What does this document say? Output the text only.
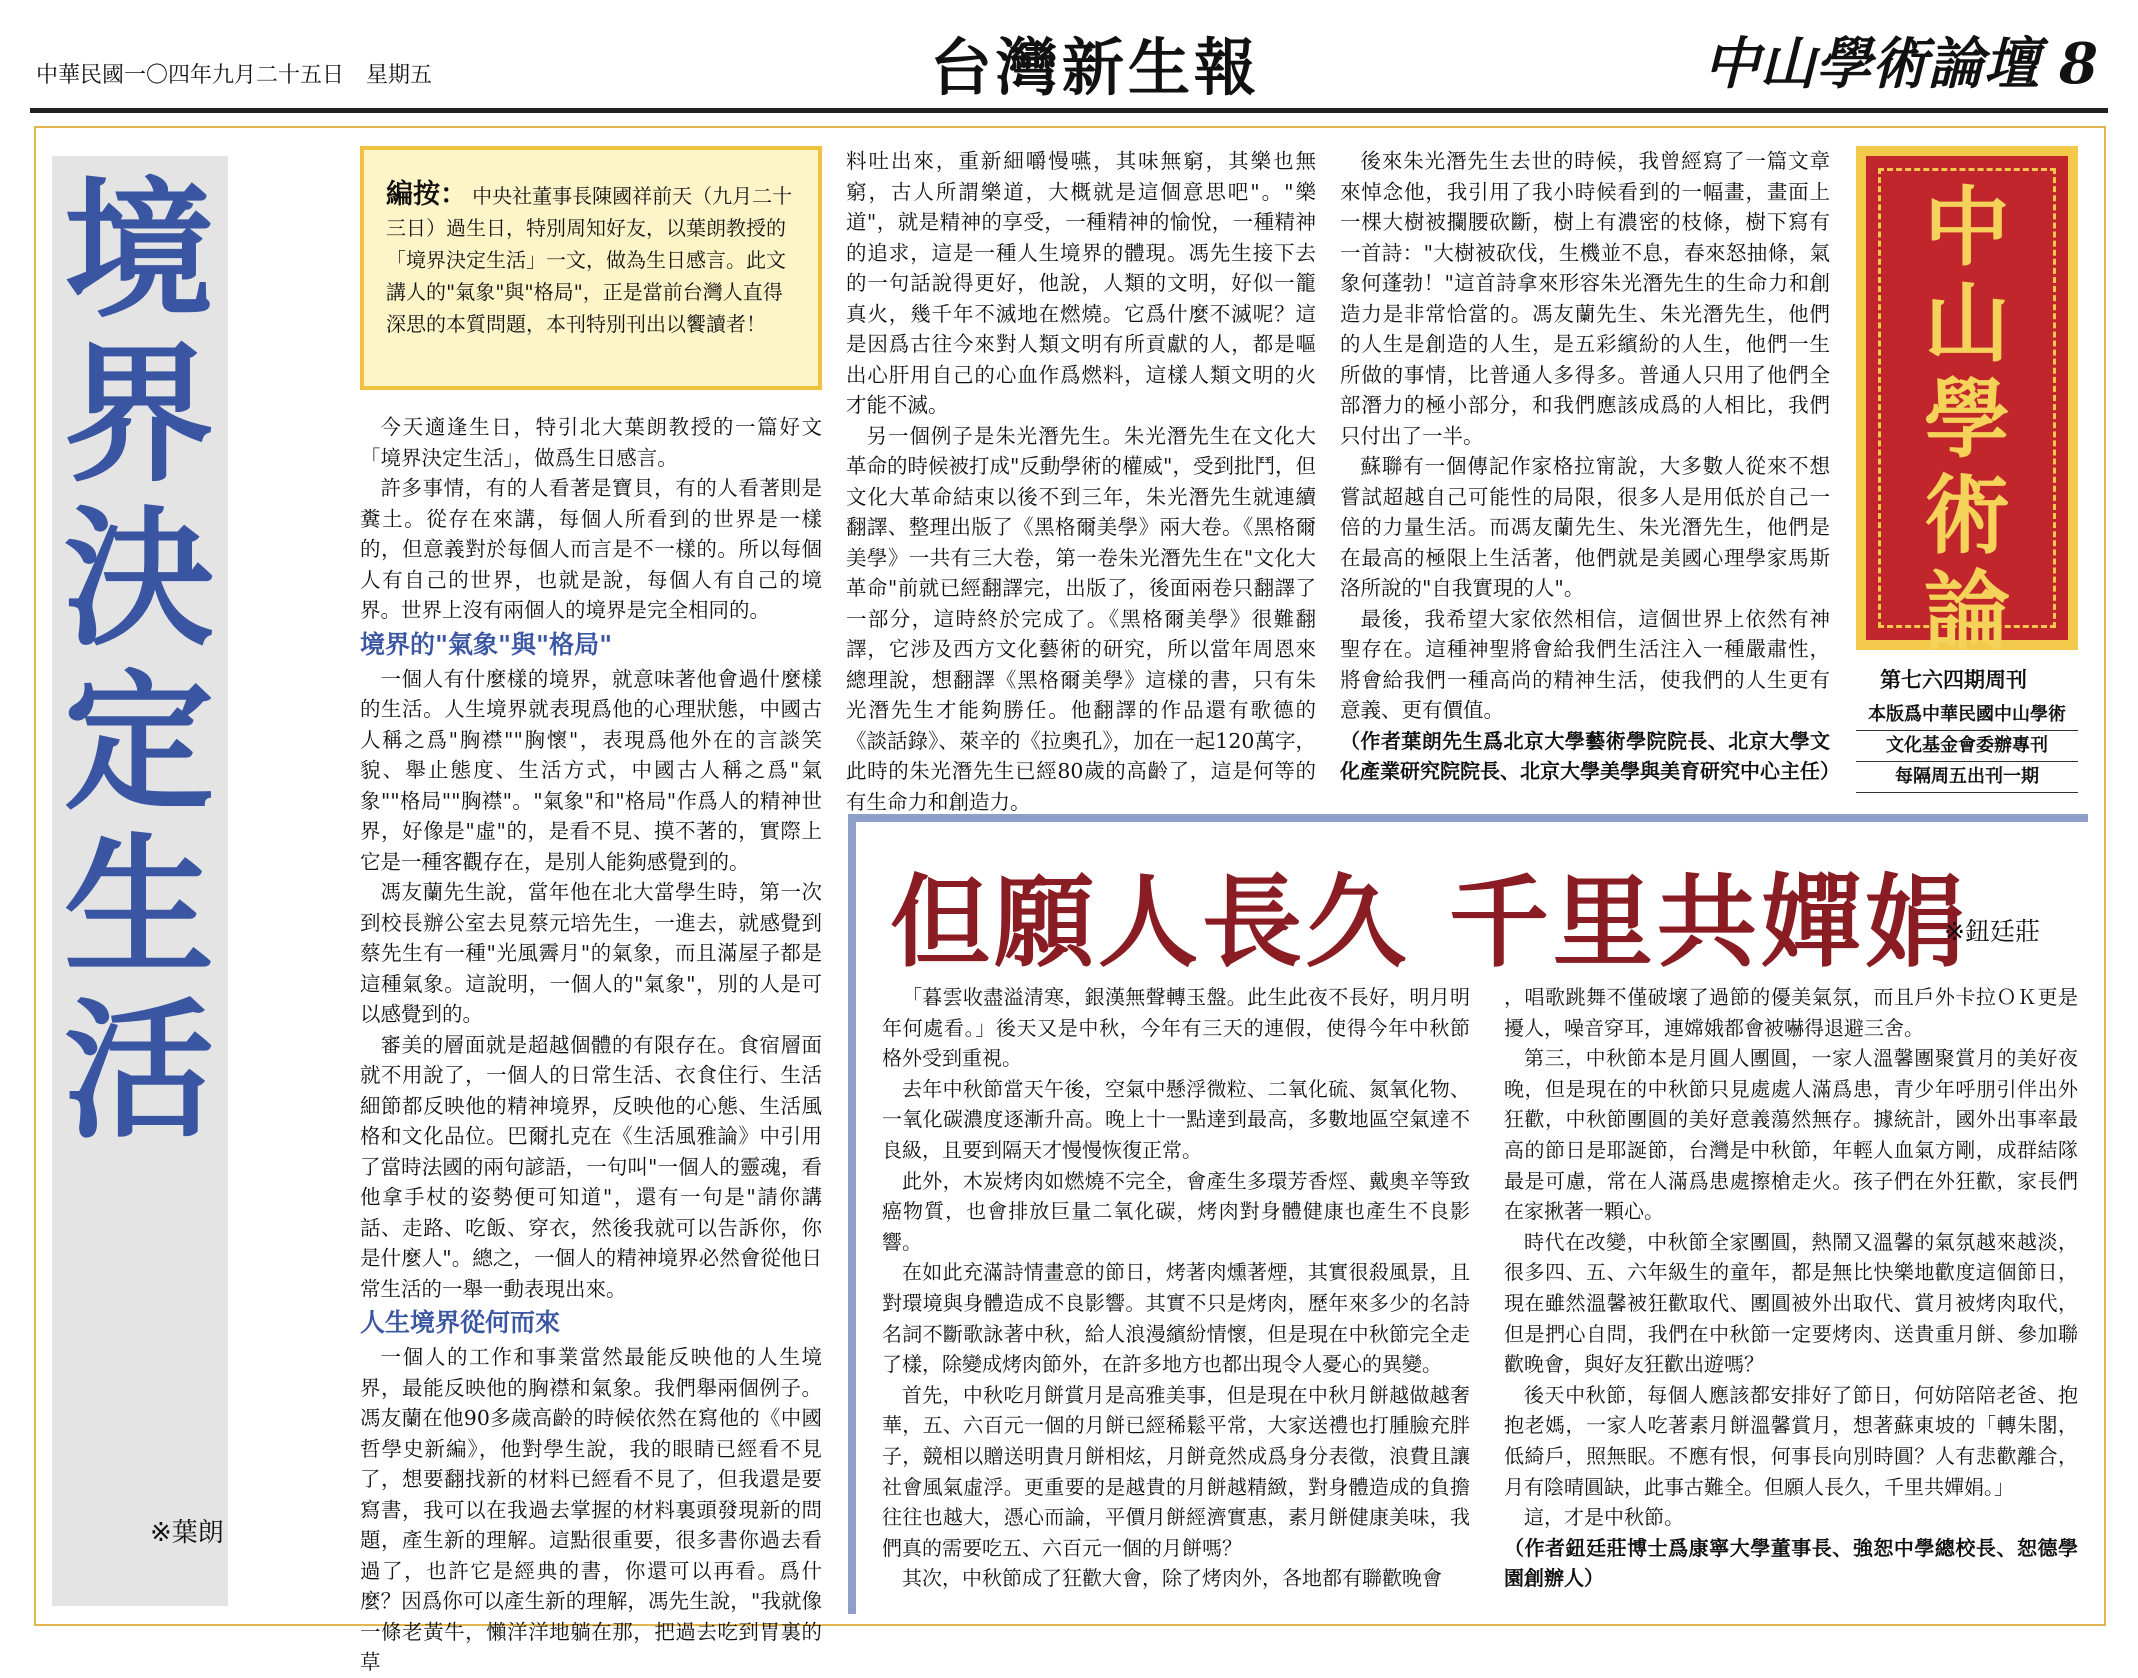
中華民國一〇四年九月二十五日　星期五	台灣新生報	中山學術論壇 8
境
界
決
定
生
活
※葉朗
編按： 中央社董事長陳國祥前天（九月二十三日）過生日，特別周知好友，以葉朗教授的「境界決定生活」一文，做為生日感言。此文講人的"氣象"與"格局"，正是當前台灣人直得深思的本質問題，本刊特別刊出以饗讀者！

今天適逢生日，特引北大葉朗教授的一篇好文「境界決定生活」，做爲生日感言。

許多事情，有的人看著是寶貝，有的人看著則是糞土。從存在來講，每個人所看到的世界是一樣的，但意義對於每個人而言是不一樣的。所以每個人有自己的世界，也就是說，每個人有自己的境界。世界上沒有兩個人的境界是完全相同的。

境界的"氣象"與"格局"

一個人有什麼樣的境界，就意味著他會過什麼樣的生活。人生境界就表現爲他的心理狀態，中國古人稱之爲"胸襟""胸懷"，表現爲他外在的言談笑貌、舉止態度、生活方式，中國古人稱之爲"氣象""格局""胸襟"。"氣象"和"格局"作爲人的精神世界，好像是"虛"的，是看不見、摸不著的，實際上它是一種客觀存在，是別人能夠感覺到的。

馮友蘭先生說，當年他在北大當學生時，第一次到校長辦公室去見蔡元培先生，一進去，就感覺到蔡先生有一種"光風霽月"的氣象，而且滿屋子都是這種氣象。這說明，一個人的"氣象"，別的人是可以感覺到的。

審美的層面就是超越個體的有限存在。食宿層面就不用說了，一個人的日常生活、衣食住行、生活細節都反映他的精神境界，反映他的心態、生活風格和文化品位。巴爾扎克在《生活風雅論》中引用了當時法國的兩句諺語，一句叫"一個人的靈魂，看他拿手杖的姿勢便可知道"，還有一句是"請你講話、走路、吃飯、穿衣，然後我就可以告訴你，你是什麼人"。總之，一個人的精神境界必然會從他日常生活的一舉一動表現出來。

人生境界從何而來

一個人的工作和事業當然最能反映他的人生境界，最能反映他的胸襟和氣象。我們舉兩個例子。馮友蘭在他90多歲高齡的時候依然在寫他的《中國哲學史新編》，他對學生說，我的眼睛已經看不見了，想要翻找新的材料已經看不見了，但我還是要寫書，我可以在我過去掌握的材料裏頭發現新的問題，產生新的理解。這點很重要，很多書你過去看過了，也許它是經典的書，你還可以再看。爲什麼？因爲你可以產生新的理解，馮先生說，"我就像一條老黃牛，懶洋洋地躺在那，把過去吃到胃裏的草

料吐出來，重新細嚼慢嚥，其味無窮，其樂也無窮，古人所謂樂道，大概就是這個意思吧"。"樂道"，就是精神的享受，一種精神的愉悅，一種精神的追求，這是一種人生境界的體現。馮先生接下去的一句話說得更好，他說，人類的文明，好似一籠真火，幾千年不滅地在燃燒。它爲什麼不滅呢？這是因爲古往今來對人類文明有所貢獻的人，都是嘔出心肝用自己的心血作爲燃料，這樣人類文明的火才能不滅。

另一個例子是朱光潛先生。朱光潛先生在文化大革命的時候被打成"反動學術的權威"，受到批鬥，但文化大革命結束以後不到三年，朱光潛先生就連續翻譯、整理出版了《黑格爾美學》兩大卷。《黑格爾美學》一共有三大卷，第一卷朱光潛先生在"文化大革命"前就已經翻譯完，出版了，後面兩卷只翻譯了一部分，這時終於完成了。《黑格爾美學》很難翻譯，它涉及西方文化藝術的研究，所以當年周恩來總理說，想翻譯《黑格爾美學》這樣的書，只有朱光潛先生才能夠勝任。他翻譯的作品還有歌德的《談話錄》、萊辛的《拉奧孔》，加在一起120萬字，此時的朱光潛先生已經80歲的高齡了，這是何等的有生命力和創造力。

後來朱光潛先生去世的時候，我曾經寫了一篇文章來悼念他，我引用了我小時候看到的一幅畫，畫面上一棵大樹被攔腰砍斷，樹上有濃密的枝條，樹下寫有一首詩："大樹被砍伐，生機並不息，春來怒抽條，氣象何蓬勃！"這首詩拿來形容朱光潛先生的生命力和創造力是非常恰當的。馮友蘭先生、朱光潛先生，他們的人生是創造的人生，是五彩繽紛的人生，他們一生所做的事情，比普通人多得多。普通人只用了他們全部潛力的極小部分，和我們應該成爲的人相比，我們只付出了一半。

蘇聯有一個傳記作家格拉甯說，大多數人從來不想嘗試超越自己可能性的局限，很多人是用低於自己一倍的力量生活。而馮友蘭先生、朱光潛先生，他們是在最高的極限上生活著，他們就是美國心理學家馬斯洛所說的"自我實現的人"。

最後，我希望大家依然相信，這個世界上依然有神聖存在。這種神聖將會給我們生活注入一種嚴肅性，將會給我們一種高尚的精神生活，使我們的人生更有意義、更有價值。

（作者葉朗先生爲北京大學藝術學院院長、北京大學文化產業研究院院長、北京大學美學與美育研究中心主任）

中
山
學
術
論
第七六四期周刊
本版爲中華民國中山學術
文化基金會委辦專刊
每隔周五出刊一期
但願人長久 千里共嬋娟
※鈕廷莊

「暮雲收盡溢清寒，銀漢無聲轉玉盤。此生此夜不長好，明月明年何處看。」後天又是中秋，今年有三天的連假，使得今年中秋節格外受到重視。

去年中秋節當天午後，空氣中懸浮微粒、二氧化硫、氮氧化物、一氧化碳濃度逐漸升高。晚上十一點達到最高，多數地區空氣達不良級，且要到隔天才慢慢恢復正常。

此外，木炭烤肉如燃燒不完全，會產生多環芳香烴、戴奧辛等致癌物質，也會排放巨量二氧化碳，烤肉對身體健康也產生不良影響。

在如此充滿詩情畫意的節日，烤著肉燻著煙，其實很殺風景，且對環境與身體造成不良影響。其實不只是烤肉，歷年來多少的名詩名詞不斷歌詠著中秋，給人浪漫繽紛情懷，但是現在中秋節完全走了樣，除變成烤肉節外，在許多地方也都出現令人憂心的異變。

首先，中秋吃月餅賞月是高雅美事，但是現在中秋月餅越做越奢華，五、六百元一個的月餅已經稀鬆平常，大家送禮也打腫臉充胖子，競相以贈送明貴月餅相炫，月餅竟然成爲身分表徵，浪費且讓社會風氣虛浮。更重要的是越貴的月餅越精緻，對身體造成的負擔往往也越大，憑心而論，平價月餅經濟實惠，素月餅健康美味，我們真的需要吃五、六百元一個的月餅嗎？

其次，中秋節成了狂歡大會，除了烤肉外，各地都有聯歡晚會

，唱歌跳舞不僅破壞了過節的優美氣氛，而且戶外卡拉ＯＫ更是擾人，噪音穿耳，連嫦娥都會被嚇得退避三舍。

第三，中秋節本是月圓人團圓，一家人溫馨團聚賞月的美好夜晚，但是現在的中秋節只見處處人滿爲患，青少年呼朋引伴出外狂歡，中秋節團圓的美好意義蕩然無存。據統計，國外出事率最高的節日是耶誕節，台灣是中秋節，年輕人血氣方剛，成群結隊最是可慮，常在人滿爲患處擦槍走火。孩子們在外狂歡，家長們在家揪著一顆心。

時代在改變，中秋節全家團圓，熱鬧又溫馨的氣氛越來越淡，很多四、五、六年級生的童年，都是無比快樂地歡度這個節日，現在雖然溫馨被狂歡取代、團圓被外出取代、賞月被烤肉取代，但是捫心自問，我們在中秋節一定要烤肉、送貴重月餅、參加聯歡晚會，與好友狂歡出遊嗎？

後天中秋節，每個人應該都安排好了節日，何妨陪陪老爸、抱抱老媽，一家人吃著素月餅溫馨賞月，想著蘇東坡的「轉朱閣，低綺戶，照無眠。不應有恨，何事長向別時圓？人有悲歡離合，月有陰晴圓缺，此事古難全。但願人長久，千里共嬋娟。」

這，才是中秋節。

（作者鈕廷莊博士爲康寧大學董事長、強恕中學總校長、恕德學園創辦人）
